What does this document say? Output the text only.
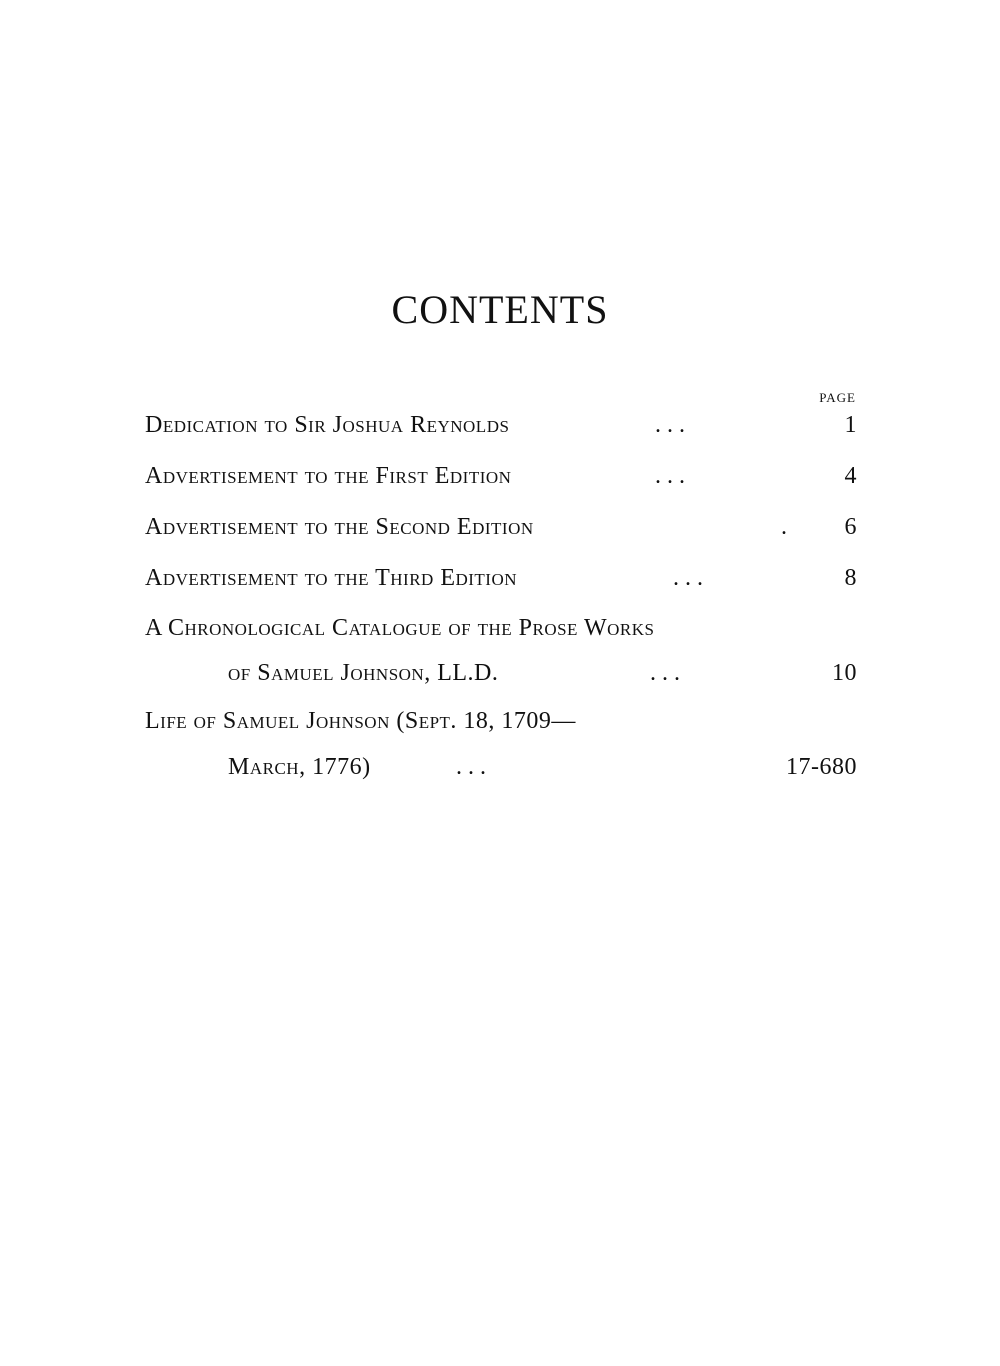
CONTENTS
PAGE
Dedication to Sir Joshua Reynolds	. . .	1
Advertisement to the First Edition	. . .	4
Advertisement to the Second Edition	. 6
Advertisement to the Third Edition	. . .	8
A Chronological Catalogue of the Prose Works
of Samuel Johnson, LL.D.	. . .	10
Life of Samuel Johnson (Sept. 18, 1709—
March, 1776)	. . .	17-680
